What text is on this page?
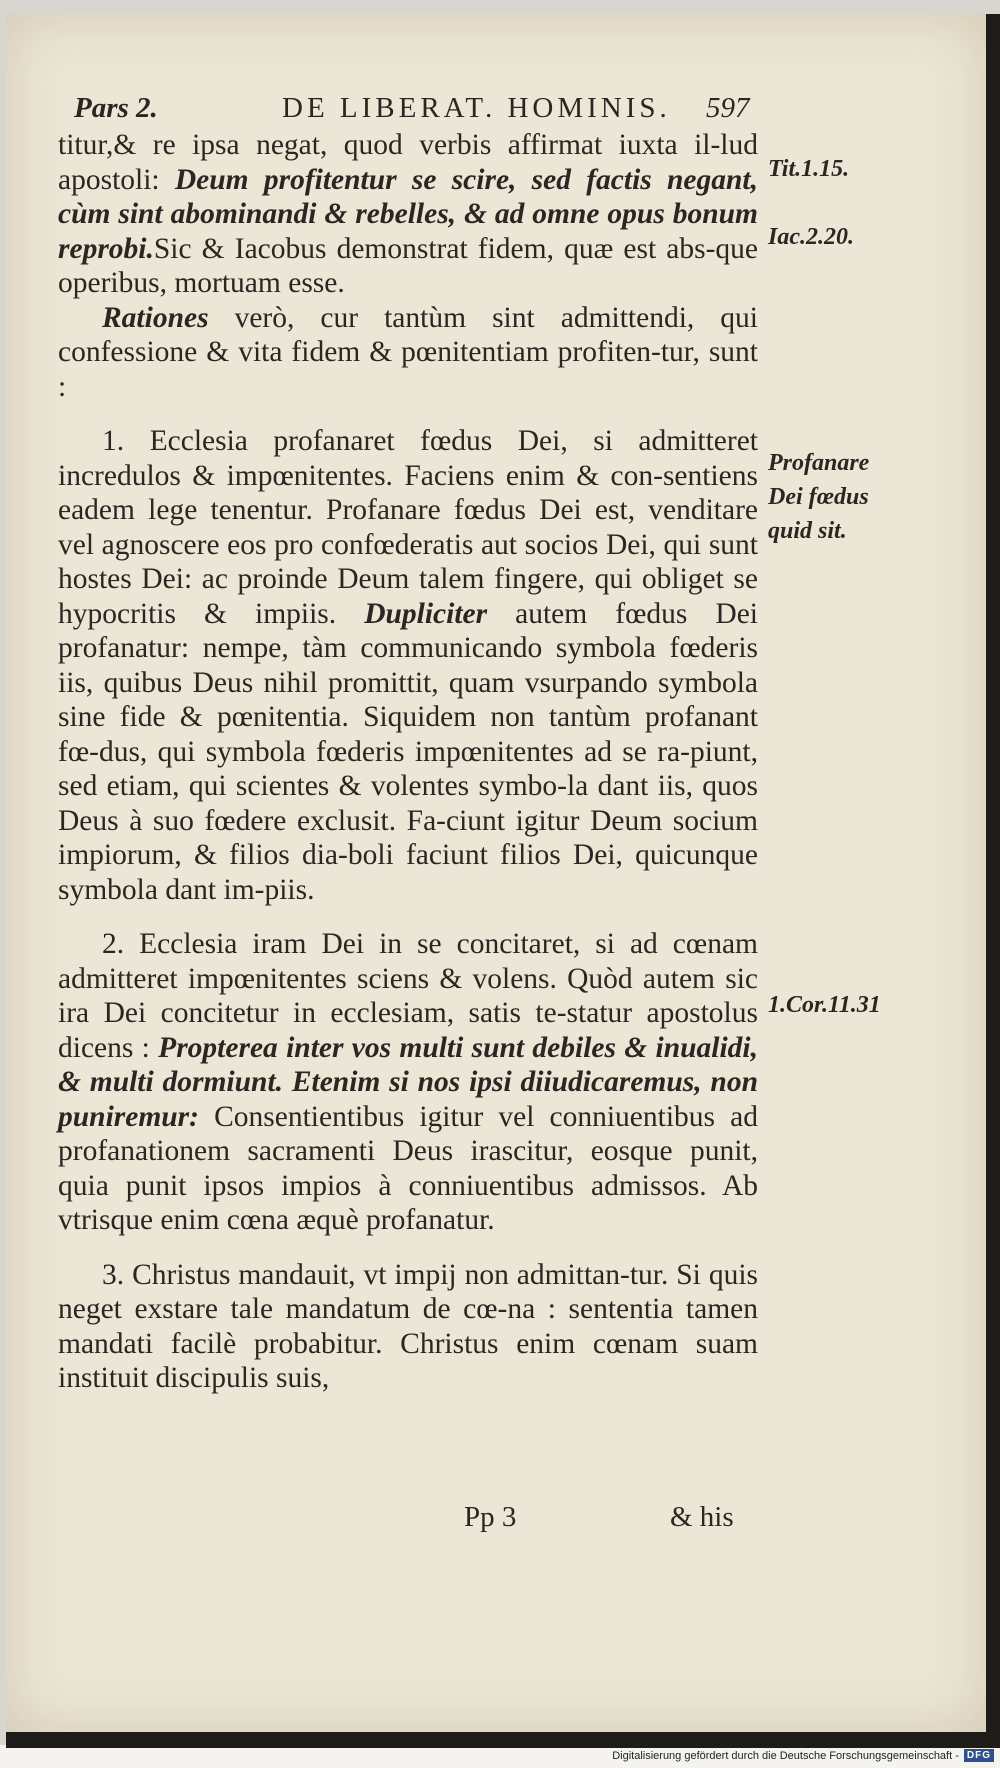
Pars 2.	DE LIBERAT. HOMINIS. 597

titur,& re ipsa negat, quod verbis affirmat iuxta il-lud apostoli: Deum profitentur se scire, sed factis negant, cùm sint abominandi & rebelles, & ad omne opus bonum reprobi.Sic & Iacobus demonstrat fidem, quæ est abs-que operibus, mortuam esse.

Rationes verò, cur tantùm sint admittendi, qui confessione & vita fidem & pœnitentiam profiten-tur, sunt :

1. Ecclesia profanaret fœdus Dei, si admitteret incredulos & impœnitentes. Faciens enim & con-sentiens eadem lege tenentur. Profanare fœdus Dei est, venditare vel agnoscere eos pro confœderatis aut socios Dei, qui sunt hostes Dei: ac proinde Deum talem fingere, qui obliget se hypocritis & impiis. Dupliciter autem fœdus Dei profanatur: nempe, tàm communicando symbola fœderis iis, quibus Deus nihil promittit, quam vsurpando symbola sine fide & pœnitentia. Siquidem non tantùm profanant fœ-dus, qui symbola fœderis impœnitentes ad se ra-piunt, sed etiam, qui scientes & volentes symbo-la dant iis, quos Deus à suo fœdere exclusit. Fa-ciunt igitur Deum socium impiorum, & filios dia-boli faciunt filios Dei, quicunque symbola dant im-piis.

2. Ecclesia iram Dei in se concitaret, si ad cœnam admitteret impœnitentes sciens & volens. Quòd autem sic ira Dei concitetur in ecclesiam, satis te-statur apostolus dicens : Propterea inter vos multi sunt debiles & inualidi, & multi dormiunt. Etenim si nos ipsi diiudicaremus, non puniremur: Consentientibus igitur vel conniuentibus ad profanationem sacramenti Deus irascitur, eosque punit, quia punit ipsos impios à conniuentibus admissos. Ab vtrisque enim cœna æquè profanatur.

3. Christus mandauit, vt impij non admittan-tur. Si quis neget exstare tale mandatum de cœ-na : sententia tamen mandati facilè probabitur. Christus enim cœnam suam instituit discipulis suis,

Tit.1.15.
Iac.2.20.
Profanare
Dei fœdus
quid sit.
1.Cor.11.31
Pp 3	& his
Digitalisierung gefördert durch die Deutsche Forschungsgemeinschaft - DFG
